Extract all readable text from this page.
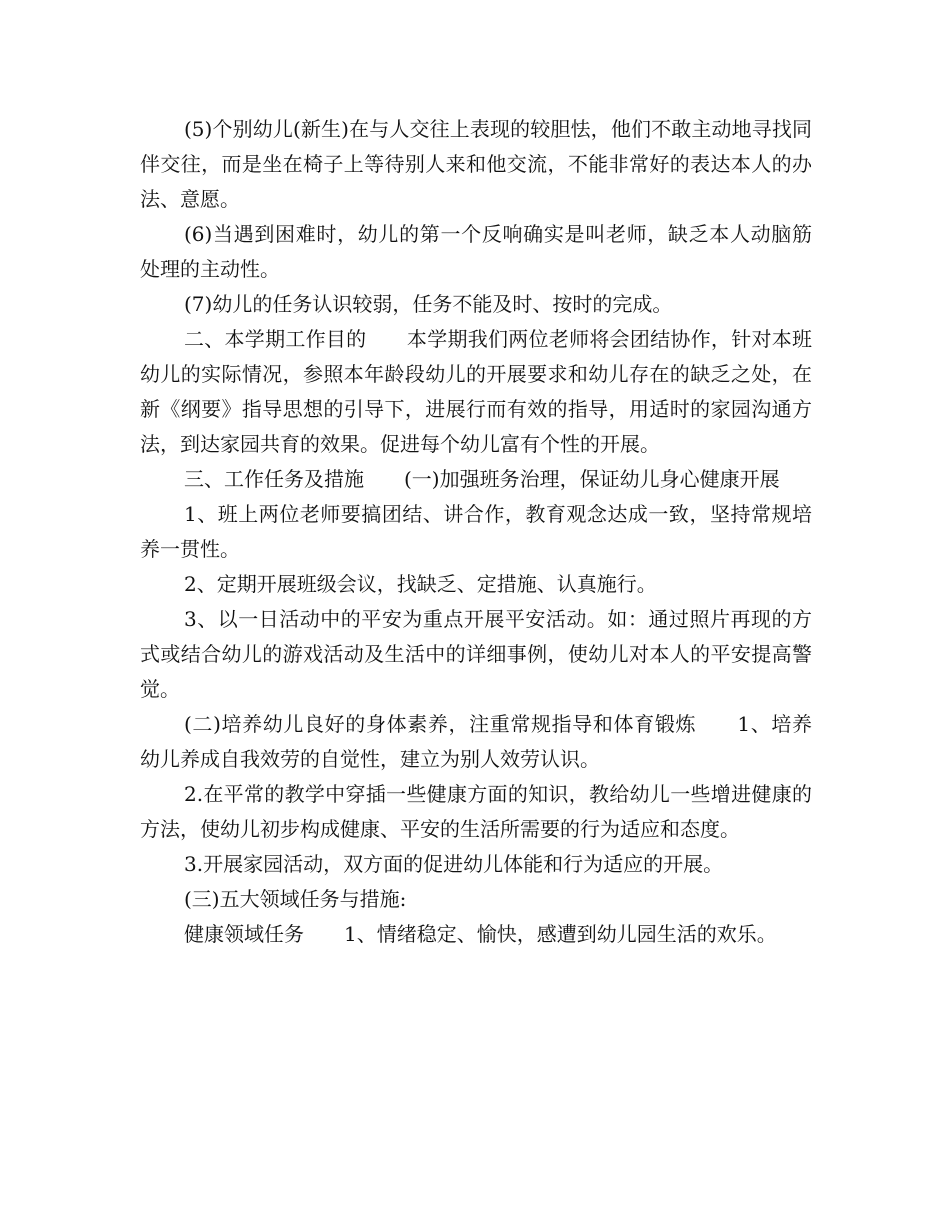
(5)个别幼儿(新生)在与人交往上表现的较胆怯，他们不敢主动地寻找同伴交往，而是坐在椅子上等待别人来和他交流，不能非常好的表达本人的办法、意愿。

(6)当遇到困难时，幼儿的第一个反响确实是叫老师，缺乏本人动脑筋处理的主动性。

(7)幼儿的任务认识较弱，任务不能及时、按时的完成。

二、本学期工作目的　　本学期我们两位老师将会团结协作，针对本班幼儿的实际情况，参照本年龄段幼儿的开展要求和幼儿存在的缺乏之处，在新《纲要》指导思想的引导下，进展行而有效的指导，用适时的家园沟通方法，到达家园共育的效果。促进每个幼儿富有个性的开展。

三、工作任务及措施　　(一)加强班务治理，保证幼儿身心健康开展

1、班上两位老师要搞团结、讲合作，教育观念达成一致，坚持常规培养一贯性。

2、定期开展班级会议，找缺乏、定措施、认真施行。

3、以一日活动中的平安为重点开展平安活动。如：通过照片再现的方式或结合幼儿的游戏活动及生活中的详细事例，使幼儿对本人的平安提高警觉。

(二)培养幼儿良好的身体素养，注重常规指导和体育锻炼　　1、培养幼儿养成自我效劳的自觉性，建立为别人效劳认识。

2.在平常的教学中穿插一些健康方面的知识，教给幼儿一些增进健康的方法，使幼儿初步构成健康、平安的生活所需要的行为适应和态度。

3.开展家园活动，双方面的促进幼儿体能和行为适应的开展。

(三)五大领域任务与措施:

健康领域任务　　1、情绪稳定、愉快，感遭到幼儿园生活的欢乐。
